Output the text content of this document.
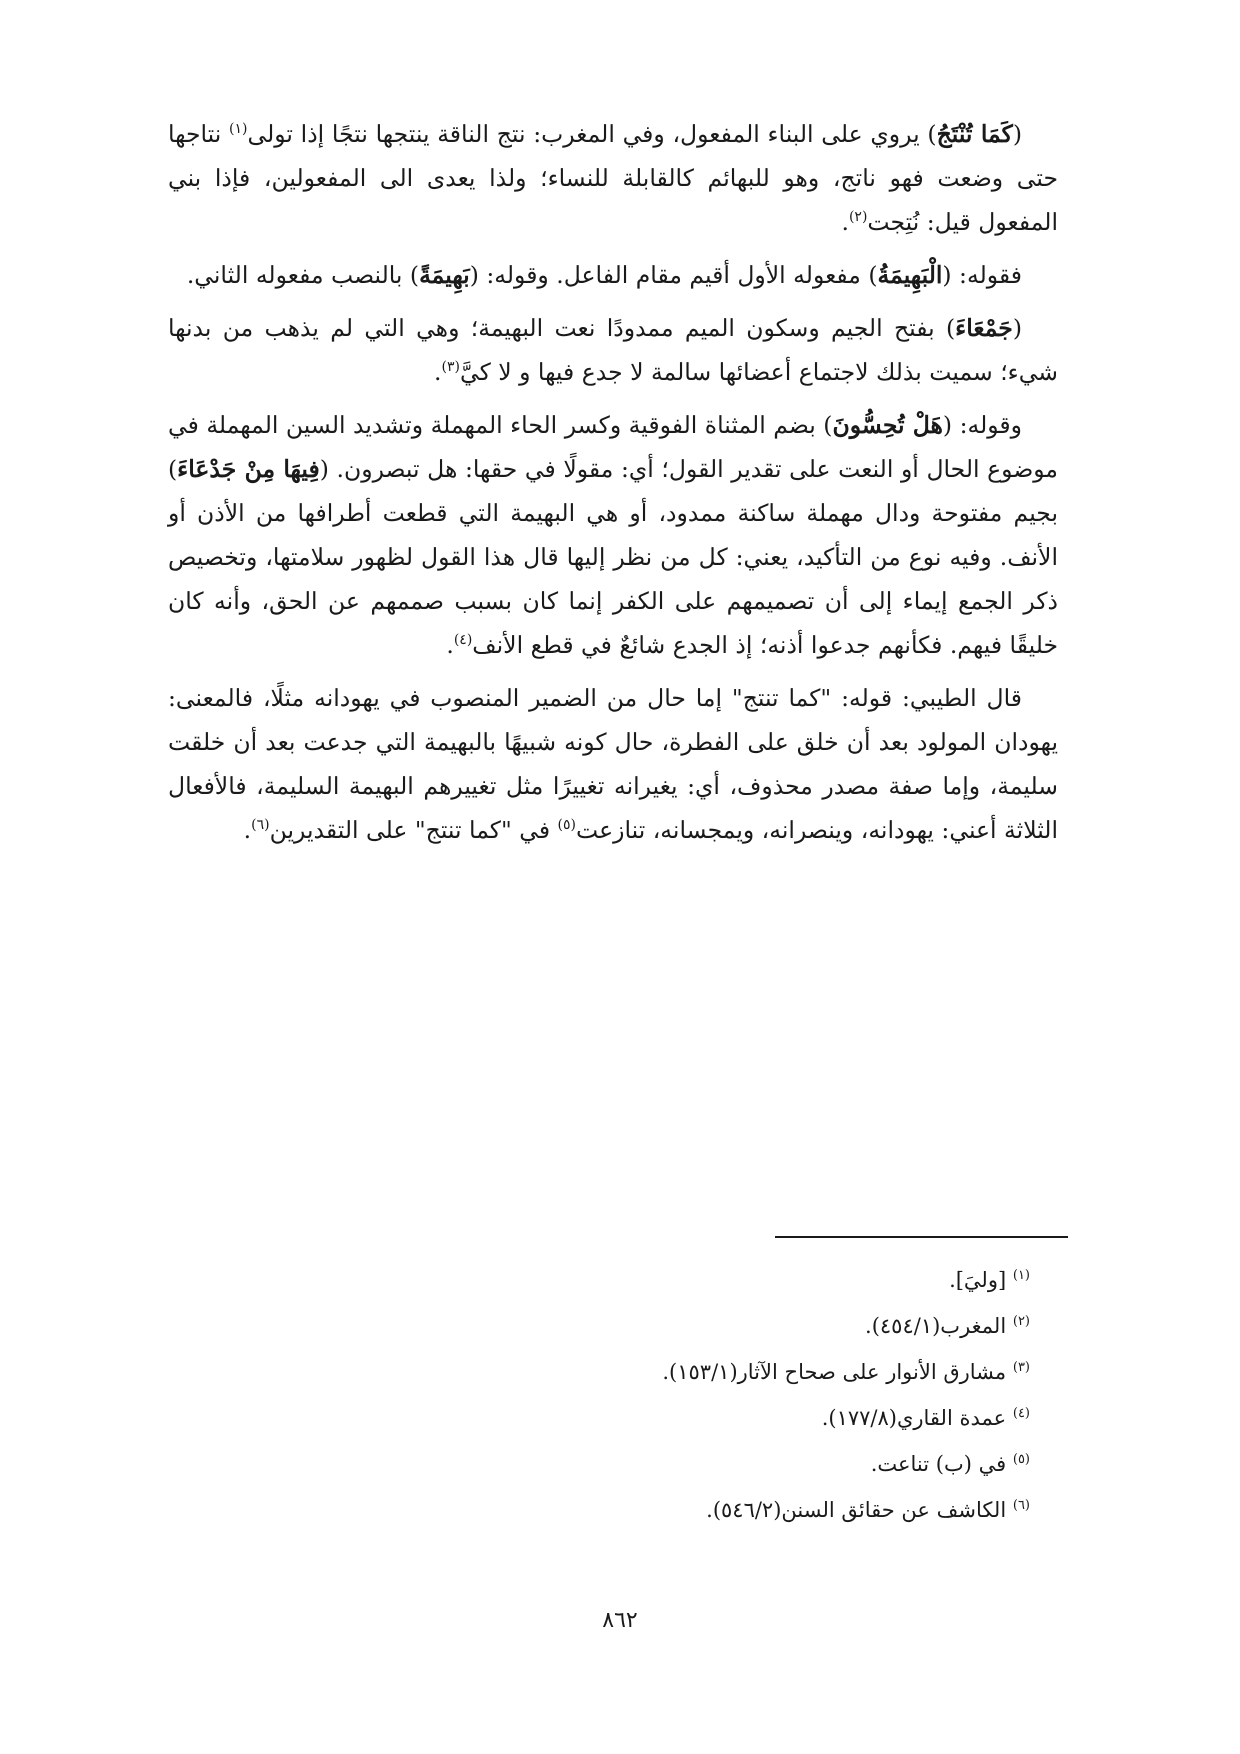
(كَمَا تُنْتَجُ) يروي على البناء المفعول، وفي المغرب: نتج الناقة ينتجها نتجًا إذا تولى$^{(١)}$ نتاجها حتى وضعت فهو ناتج، وهو للبهائم كالقابلة للنساء؛ ولذا يعدى الى المفعولين، فإذا بني المفعول قيل: نُتِجت$^{(٢)}$.

فقوله: (الْبَهِيمَةُ) مفعوله الأول أقيم مقام الفاعل. وقوله: (بَهِيمَةً) بالنصب مفعوله الثاني.

(جَمْعَاءَ) بفتح الجيم وسكون الميم ممدودًا نعت البهيمة؛ وهي التي لم يذهب من بدنها شيء؛ سميت بذلك لاجتماع أعضائها سالمة لا جدع فيها و لا كيَّ$^{(٣)}$.

وقوله: (هَلْ تُحِسُّونَ) بضم المثناة الفوقية وكسر الحاء المهملة وتشديد السين المهملة في موضوع الحال أو النعت على تقدير القول؛ أي: مقولًا في حقها: هل تبصرون. (فِيهَا مِنْ جَدْعَاءَ) بجيم مفتوحة ودال مهملة ساكنة ممدود، أو هي البهيمة التي قطعت أطرافها من الأذن أو الأنف. وفيه نوع من التأكيد، يعني: كل من نظر إليها قال هذا القول لظهور سلامتها، وتخصيص ذكر الجمع إيماء إلى أن تصميمهم على الكفر إنما كان بسبب صممهم عن الحق، وأنه كان خليقًا فيهم. فكأنهم جدعوا أذنه؛ إذ الجدع شائعٌ في قطع الأنف$^{(٤)}$.

قال الطيبي: قوله: "كما تنتج" إما حال من الضمير المنصوب في يهودانه مثلًا، فالمعنى: يهودان المولود بعد أن خلق على الفطرة، حال كونه شبيهًا بالبهيمة التي جدعت بعد أن خلقت سليمة، وإما صفة مصدر محذوف، أي: يغيرانه تغييرًا مثل تغييرهم البهيمة السليمة، فالأفعال الثلاثة أعني: يهودانه، وينصرانه، ويمجسانه، تنازعت$^{(٥)}$ في "كما تنتج" على التقديرين$^{(٦)}$.

$^{(١)}$ [وليَ].

$^{(٢)}$ المغرب(٤٥٤/١).

$^{(٣)}$ مشارق الأنوار على صحاح الآثار(١٥٣/١).

$^{(٤)}$ عمدة القاري(١٧٧/٨).

$^{(٥)}$ في (ب) تناعت.

$^{(٦)}$ الكاشف عن حقائق السنن(٥٤٦/٢).

٨٦٢
